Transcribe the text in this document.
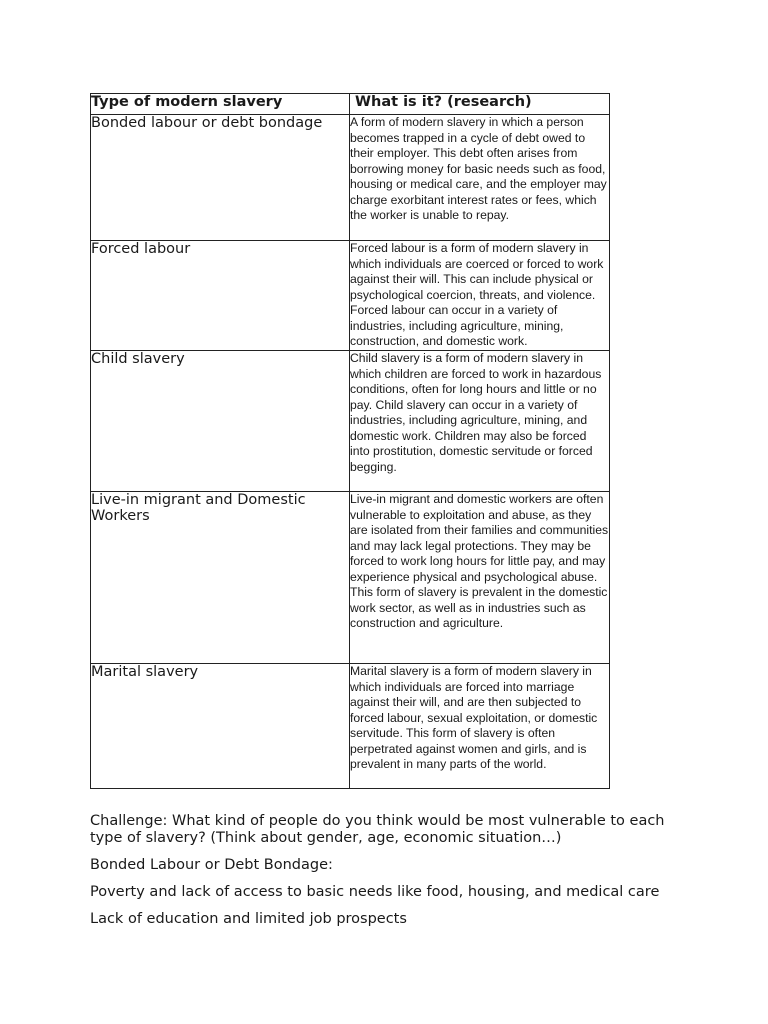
Type of modern slavery	What is it? (research)
Bonded labour or debt bondage	A form of modern slavery in which a person becomes trapped in a cycle of debt owed to their employer. This debt often arises from borrowing money for basic needs such as food, housing or medical care, and the employer may charge exorbitant interest rates or fees, which the worker is unable to repay.
Forced labour	Forced labour is a form of modern slavery in which individuals are coerced or forced to work against their will. This can include physical or psychological coercion, threats, and violence. Forced labour can occur in a variety of industries, including agriculture, mining, construction, and domestic work.
Child slavery	Child slavery is a form of modern slavery in which children are forced to work in hazardous conditions, often for long hours and little or no pay. Child slavery can occur in a variety of industries, including agriculture, mining, and domestic work. Children may also be forced into prostitution, domestic servitude or forced begging.
Live-in migrant and Domestic Workers	Live-in migrant and domestic workers are often vulnerable to exploitation and abuse, as they are isolated from their families and communities and may lack legal protections. They may be forced to work long hours for little pay, and may experience physical and psychological abuse. This form of slavery is prevalent in the domestic work sector, as well as in industries such as construction and agriculture.
Marital slavery	Marital slavery is a form of modern slavery in which individuals are forced into marriage against their will, and are then subjected to forced labour, sexual exploitation, or domestic servitude. This form of slavery is often perpetrated against women and girls, and is prevalent in many parts of the world.

Challenge: What kind of people do you think would be most vulnerable to each type of slavery? (Think about gender, age, economic situation…)

Bonded Labour or Debt Bondage:

Poverty and lack of access to basic needs like food, housing, and medical care

Lack of education and limited job prospects
